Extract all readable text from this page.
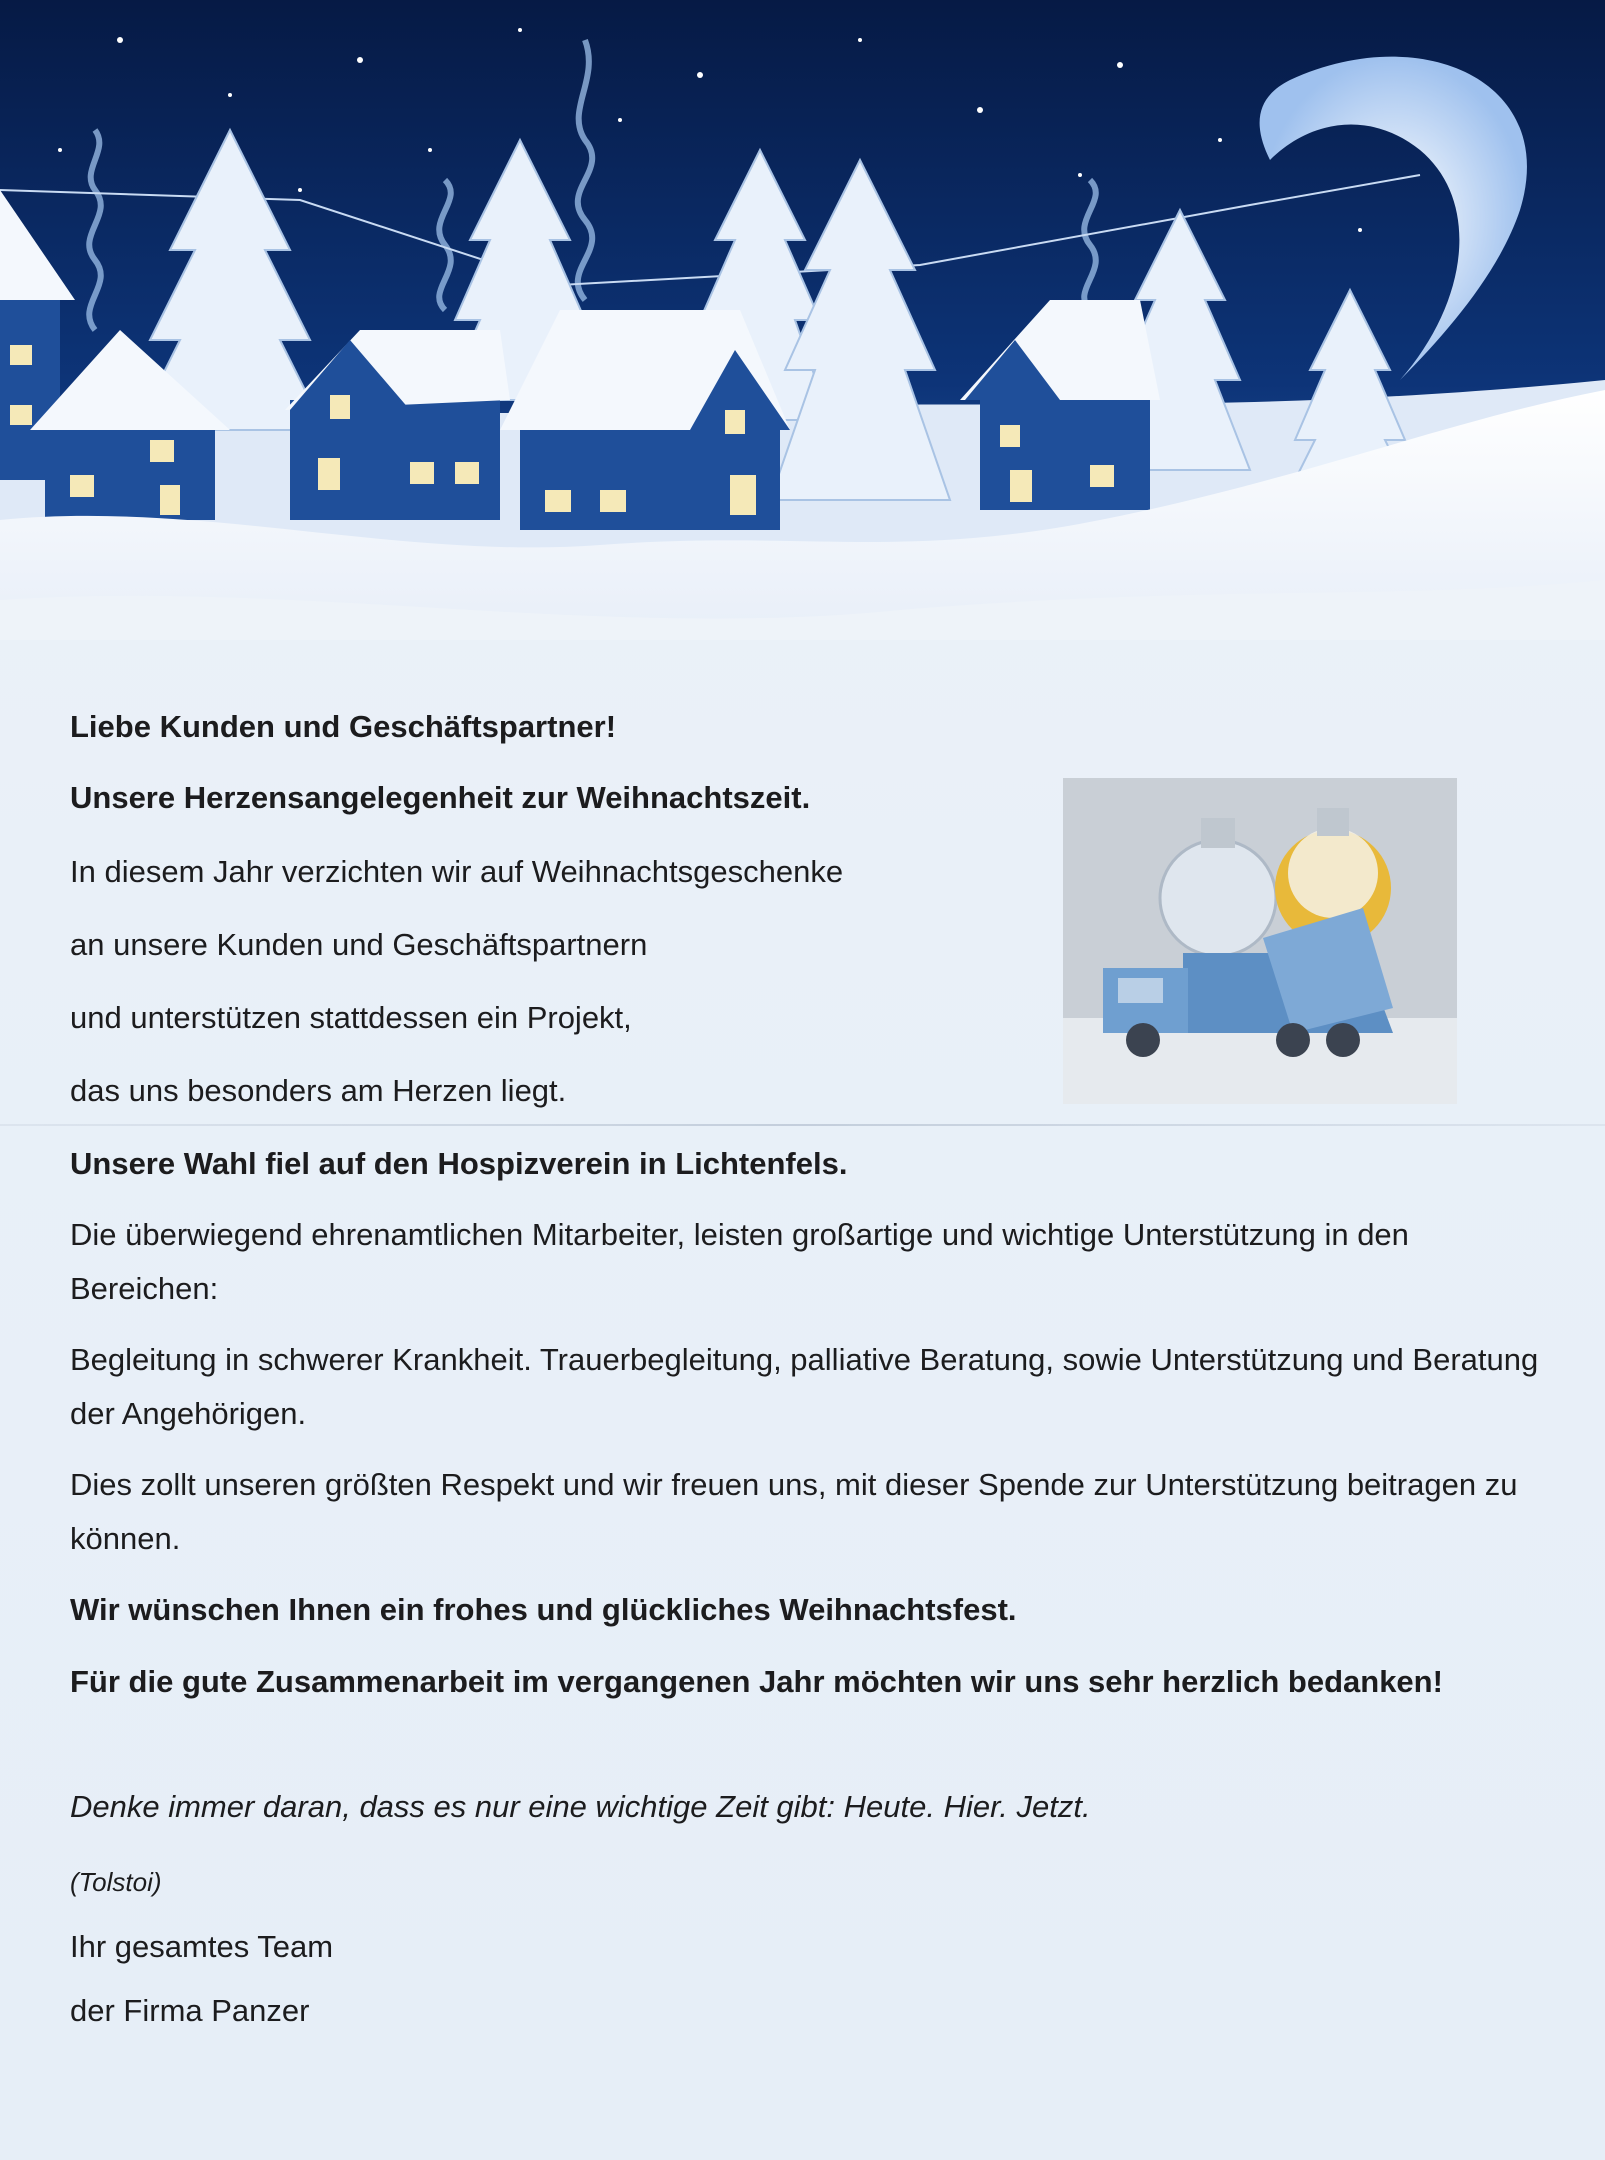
Liebe Kunden und Geschäftspartner!
Unsere Herzensangelegenheit zur Weihnachtszeit.
In diesem Jahr verzichten wir auf Weihnachtsgeschenke
an unsere Kunden und Geschäftspartnern
und unterstützen stattdessen ein Projekt,
das uns besonders am Herzen liegt.
Unsere Wahl fiel auf den Hospizverein in Lichtenfels.
Die überwiegend ehrenamtlichen Mitarbeiter, leisten großartige und wichtige Unterstützung in den Bereichen:
Begleitung in schwerer Krankheit. Trauerbegleitung, palliative Beratung, sowie Unterstützung und Beratung der Angehörigen.
Dies zollt unseren größten Respekt und wir freuen uns, mit dieser Spende zur Unterstützung beitragen zu können.
Wir wünschen Ihnen ein frohes und glückliches Weihnachtsfest.
Für die gute Zusammenarbeit im vergangenen Jahr möchten wir uns sehr herzlich bedanken!
Denke immer daran, dass es nur eine wichtige Zeit gibt: Heute. Hier. Jetzt.
(Tolstoi)
Ihr gesamtes Team
der Firma Panzer
